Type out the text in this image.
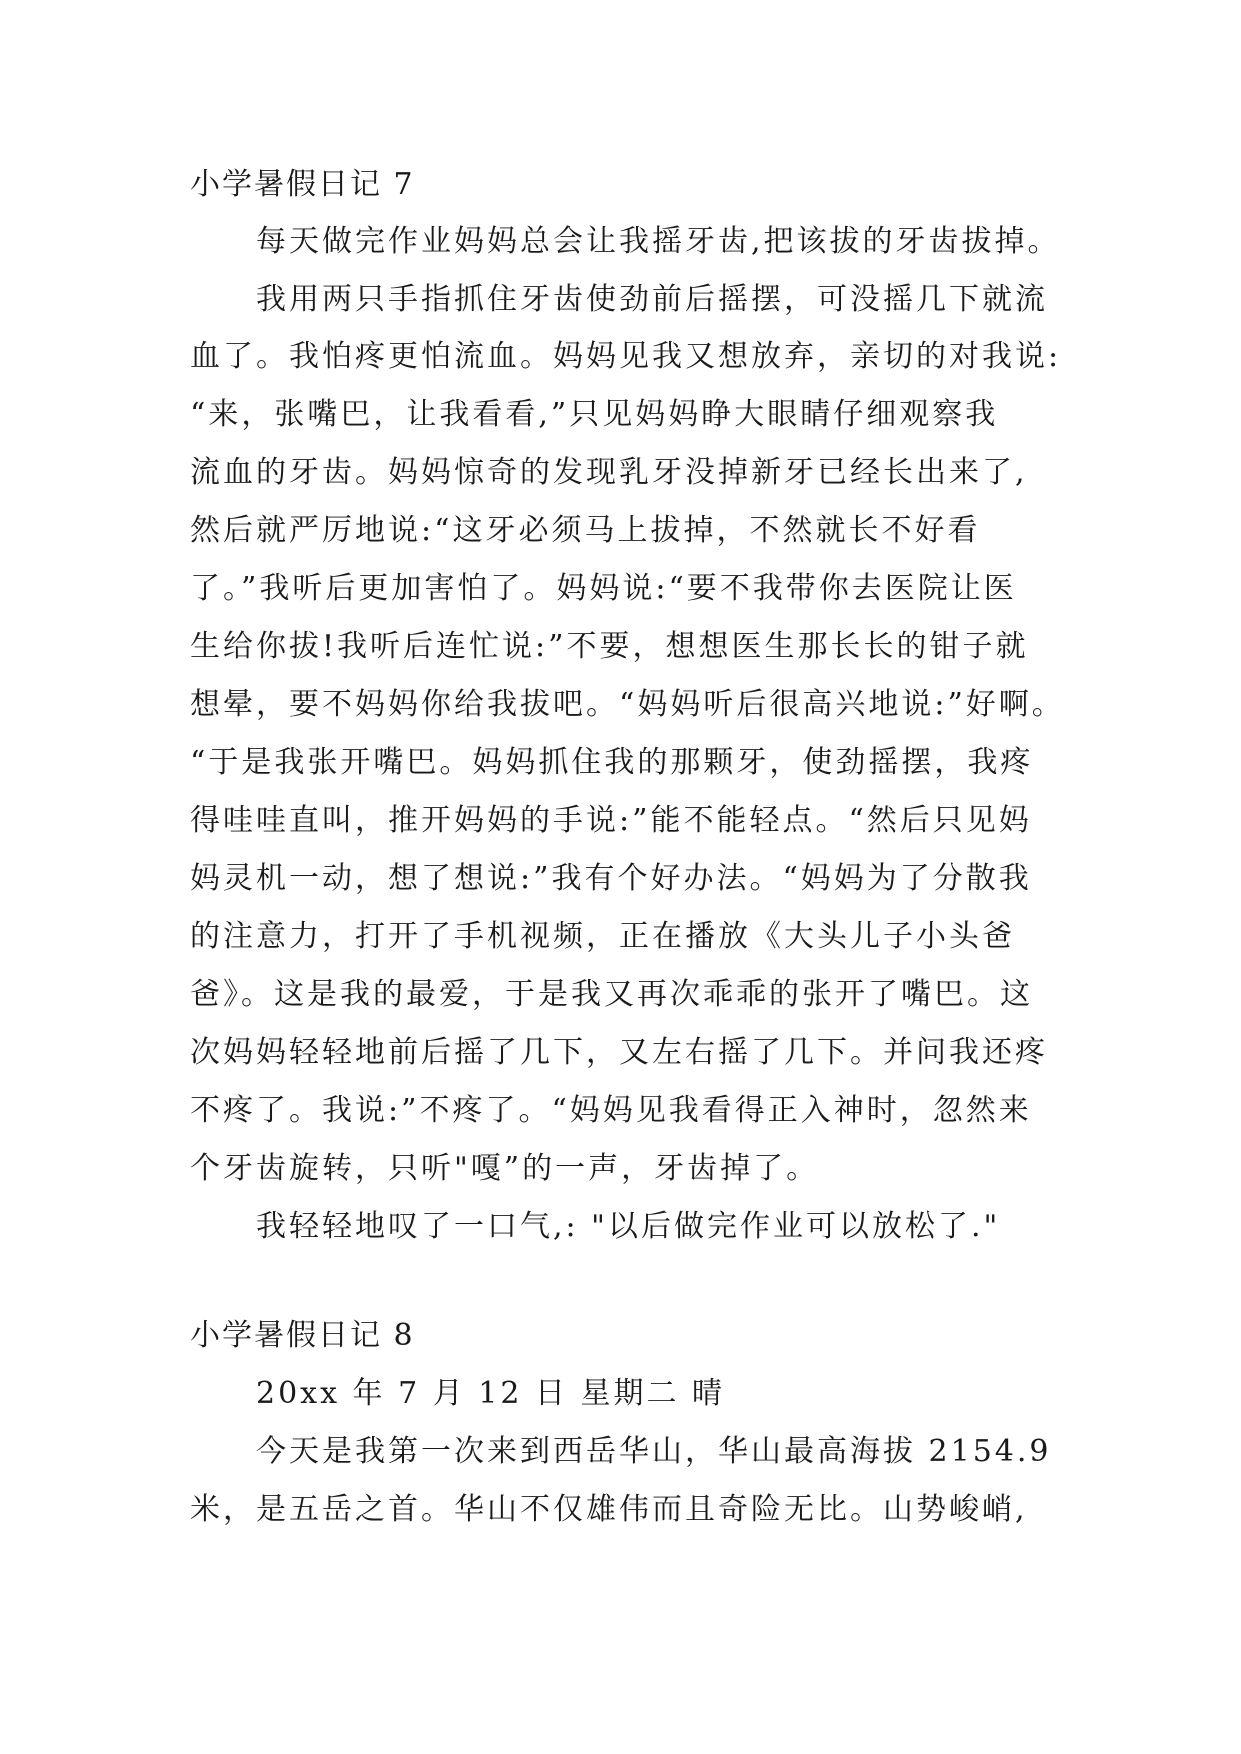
小学暑假日记 7
每天做完作业妈妈总会让我摇牙齿,把该拔的牙齿拔掉。
我用两只手指抓住牙齿使劲前后摇摆，可没摇几下就流
血了。我怕疼更怕流血。妈妈见我又想放弃，亲切的对我说:
“来，张嘴巴，让我看看,”只见妈妈睁大眼睛仔细观察我
流血的牙齿。妈妈惊奇的发现乳牙没掉新牙已经长出来了,
然后就严厉地说:“这牙必须马上拔掉，不然就长不好看
了。”我听后更加害怕了。妈妈说:“要不我带你去医院让医
生给你拔!我听后连忙说:”不要，想想医生那长长的钳子就
想晕，要不妈妈你给我拔吧。“妈妈听后很高兴地说:”好啊。
“于是我张开嘴巴。妈妈抓住我的那颗牙，使劲摇摆，我疼
得哇哇直叫，推开妈妈的手说:”能不能轻点。“然后只见妈
妈灵机一动，想了想说:”我有个好办法。“妈妈为了分散我
的注意力，打开了手机视频，正在播放《大头儿子小头爸
爸》。这是我的最爱，于是我又再次乖乖的张开了嘴巴。这
次妈妈轻轻地前后摇了几下，又左右摇了几下。并问我还疼
不疼了。我说:”不疼了。“妈妈见我看得正入神时，忽然来
个牙齿旋转，只听"嘎”的一声，牙齿掉了。
我轻轻地叹了一口气,: "以后做完作业可以放松了."
小学暑假日记 8
20xx 年 7 月 12 日 星期二 晴
今天是我第一次来到西岳华山，华山最高海拔 2154.9
米，是五岳之首。华山不仅雄伟而且奇险无比。山势峻峭,
